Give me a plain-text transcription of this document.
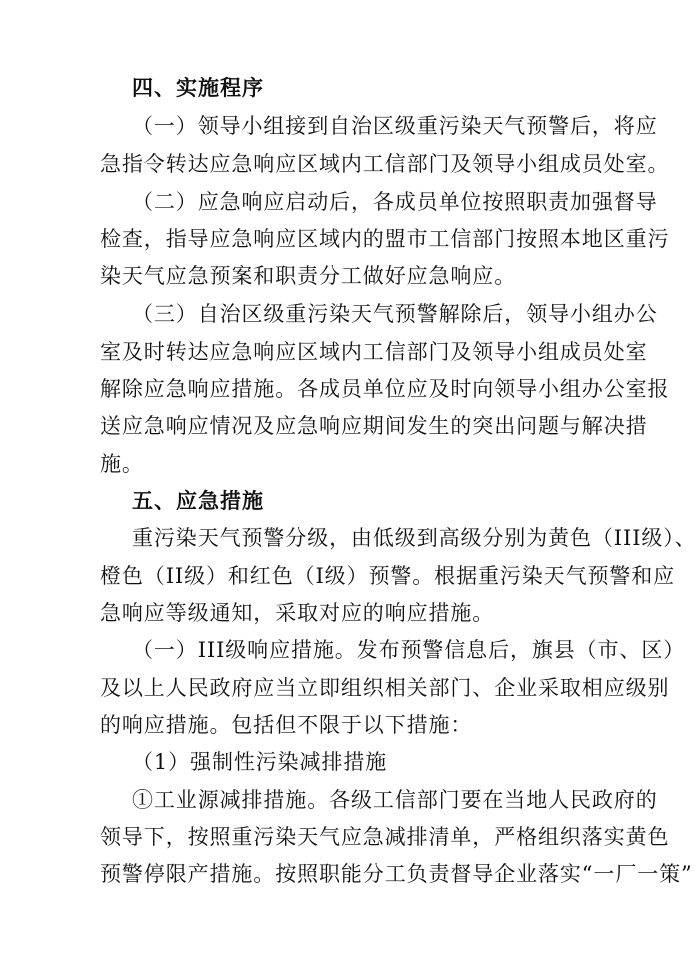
四、实施程序
（一）领导小组接到自治区级重污染天气预警后，将应
急指令转达应急响应区域内工信部门及领导小组成员处室。
（二）应急响应启动后，各成员单位按照职责加强督导
检查，指导应急响应区域内的盟市工信部门按照本地区重污
染天气应急预案和职责分工做好应急响应。
（三）自治区级重污染天气预警解除后，领导小组办公
室及时转达应急响应区域内工信部门及领导小组成员处室
解除应急响应措施。各成员单位应及时向领导小组办公室报
送应急响应情况及应急响应期间发生的突出问题与解决措
施。
五、应急措施
重污染天气预警分级，由低级到高级分别为黄色（III级）、
橙色（II级）和红色（I级）预警。根据重污染天气预警和应
急响应等级通知，采取对应的响应措施。
（一）III级响应措施。发布预警信息后，旗县（市、区）
及以上人民政府应当立即组织相关部门、企业采取相应级别
的响应措施。包括但不限于以下措施：
（1）强制性污染减排措施
①工业源减排措施。各级工信部门要在当地人民政府的
领导下，按照重污染天气应急减排清单，严格组织落实黄色
预警停限产措施。按照职能分工负责督导企业落实“一厂一策”
